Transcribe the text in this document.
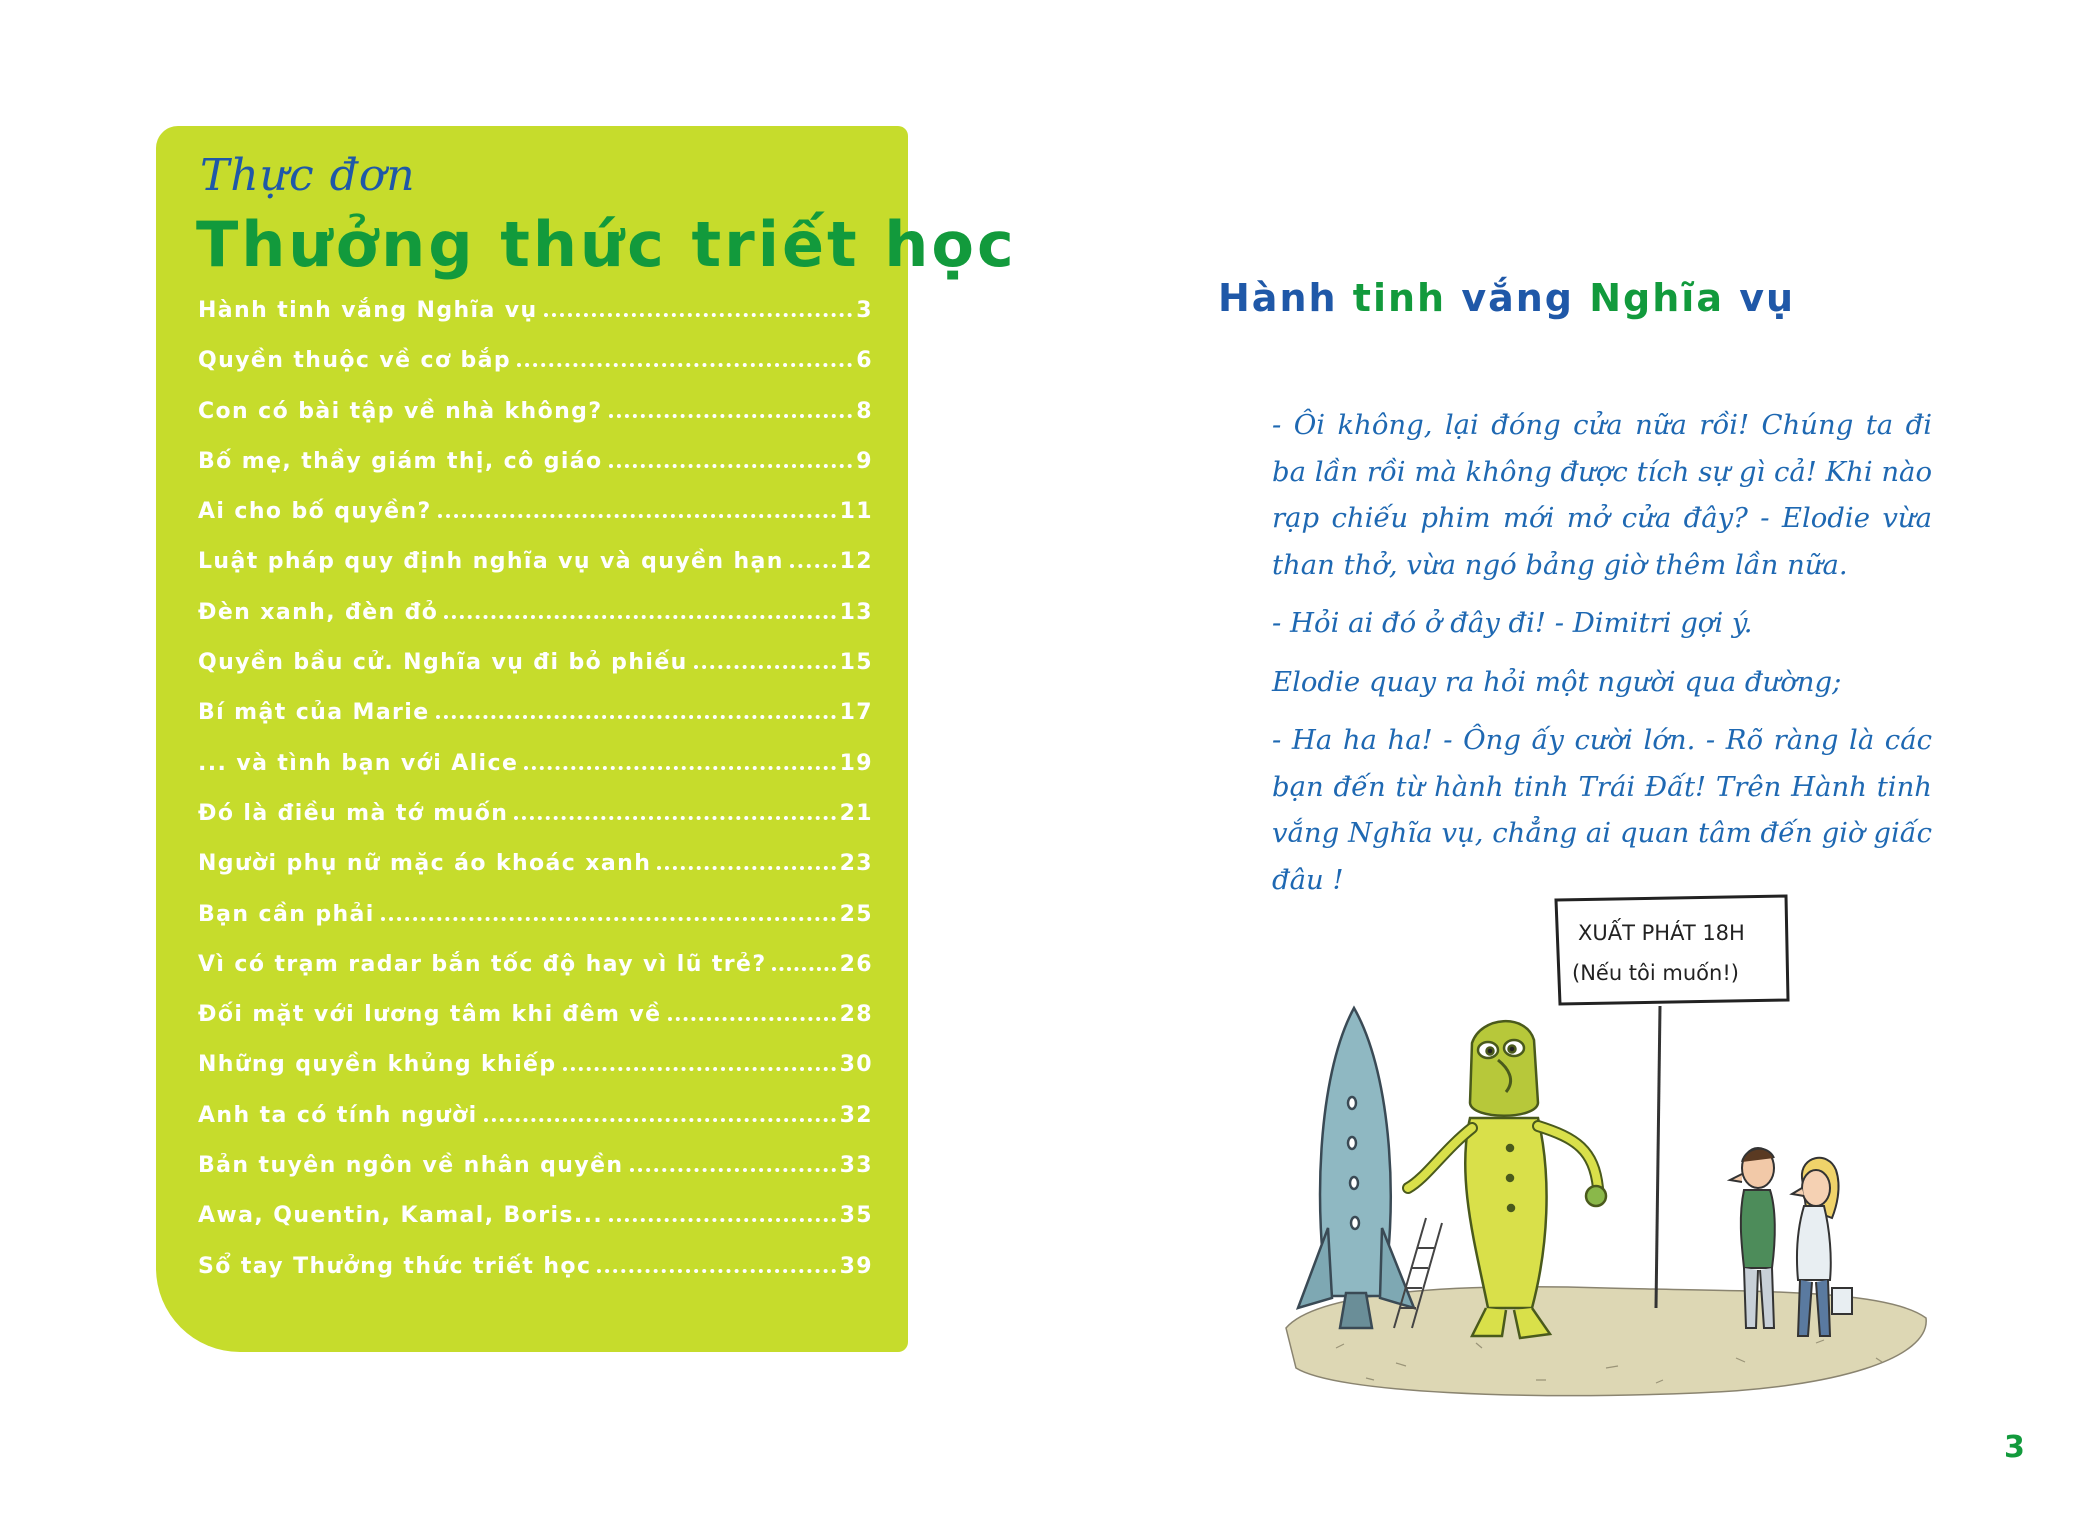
Thực đơn
Thưởng thức triết học
Hành tinh vắng Nghĩa vụ	3
Quyền thuộc về cơ bắp	6
Con có bài tập về nhà không?	8
Bố mẹ, thầy giám thị, cô giáo	9
Ai cho bố quyền?	11
Luật pháp quy định nghĩa vụ và quyền hạn	12
Đèn xanh, đèn đỏ	13
Quyền bầu cử. Nghĩa vụ đi bỏ phiếu	15
Bí mật của Marie	17
... và tình bạn với Alice	19
Đó là điều mà tớ muốn	21
Người phụ nữ mặc áo khoác xanh	23
Bạn cần phải	25
Vì có trạm radar bắn tốc độ hay vì lũ trẻ?	26
Đối mặt với lương tâm khi đêm về	28
Những quyền khủng khiếp	30
Anh ta có tính người	32
Bản tuyên ngôn về nhân quyền	33
Awa, Quentin, Kamal, Boris...	35
Sổ tay Thưởng thức triết học	39
Hành tinh vắng Nghĩa vụ

- Ôi không, lại đóng cửa nữa rồi! Chúng ta đi ba lần rồi mà không được tích sự gì cả! Khi nào rạp chiếu phim mới mở cửa đây? - Elodie vừa than thở, vừa ngó bảng giờ thêm lần nữa.

- Hỏi ai đó ở đây đi! - Dimitri gợi ý.

Elodie quay ra hỏi một người qua đường;

- Ha ha ha! - Ông ấy cười lớn. - Rõ ràng là các bạn đến từ hành tinh Trái Đất! Trên Hành tinh vắng Nghĩa vụ, chẳng ai quan tâm đến giờ giấc đâu !

XUẤT PHÁT 18H
(Nếu tôi muốn!)
3
